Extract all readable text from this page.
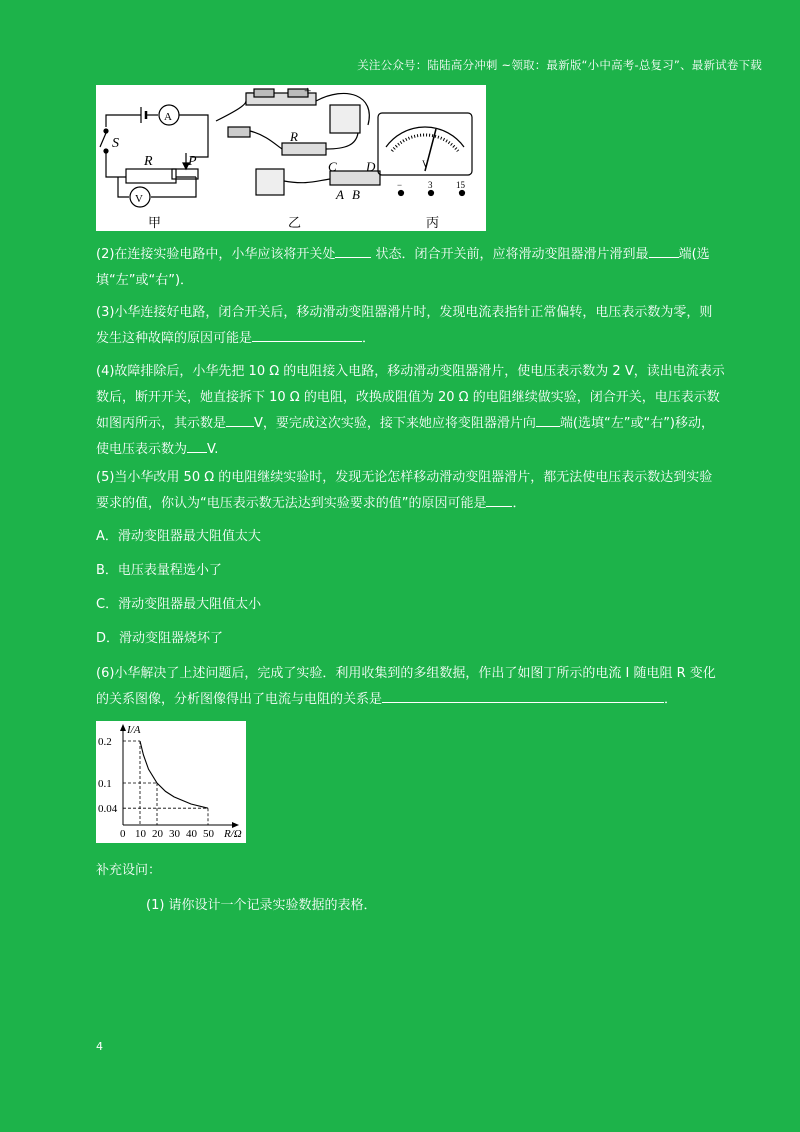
关注公众号：陆陆高分冲刺 ~领取：最新版“小中高考-总复习”、最新试卷下载
S
A
R	P
V
甲
−	+
R
C D
A B
乙
V
−	3	15
丙
(2)在连接实验电路中，小华应该将开关处	状态．闭合开关前，应将滑动变阻器滑片滑到最 端(选
填“左”或“右”)．
(3)小华连接好电路，闭合开关后，移动滑动变阻器滑片时，发现电流表指针正常偏转，电压表示数为零，则
发生这种故障的原因可能是	．
(4)故障排除后，小华先把 10 Ω 的电阻接入电路，移动滑动变阻器滑片，使电压表示数为 2 V，读出电流表示
数后，断开开关，她直接拆下 10 Ω 的电阻，改换成阻值为 20 Ω 的电阻继续做实验，闭合开关，电压表示数
如图丙所示，其示数是 V，要完成这次实验，接下来她应将变阻器滑片向 端(选填“左”或“右”)移动，
使电压表示数为 V.
(5)当小华改用 50 Ω 的电阻继续实验时，发现无论怎样移动滑动变阻器滑片，都无法使电压表示数达到实验
要求的值，你认为“电压表示数无法达到实验要求的值”的原因可能是 ．
A．滑动变阻器最大阻值太大
B．电压表量程选小了
C．滑动变阻器最大阻值太小
D．滑动变阻器烧坏了
(6)小华解决了上述问题后，完成了实验．利用收集到的多组数据，作出了如图丁所示的电流 I 随电阻 R 变化
的关系图像，分析图像得出了电流与电阻的关系是	．
I/A
R/Ω
0 10 20 30 40 50
0.04
0.1
0.2
补充设问：
(1) 请你设计一个记录实验数据的表格．
4
